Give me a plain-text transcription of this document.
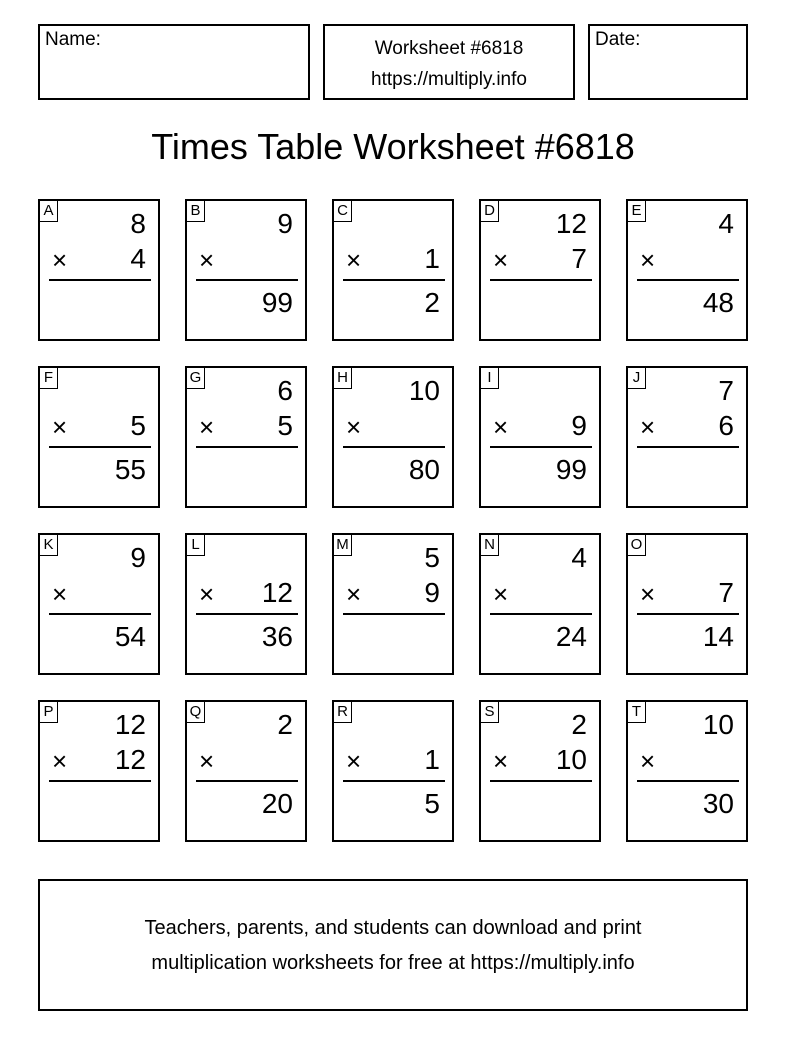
Name:	Worksheet #6818
https://multiply.info
Date:
Times Table Worksheet #6818
A	8
× 4
B	9
×
99
C
× 1
2
D 12
× 7
E	4
×
48
F
× 5
55
G	6
× 5
H 10
×
80
I
× 9
99
J	7
× 6
K	9
×
54
L
× 12
36
M	5
× 9
N	4
×
24
O
× 7
14
P 12
× 12
Q	2
×
20
R
× 1
5
S	2
× 10
T 10
×
30
Teachers, parents, and students can download and print
multiplication worksheets for free at https://multiply.info
